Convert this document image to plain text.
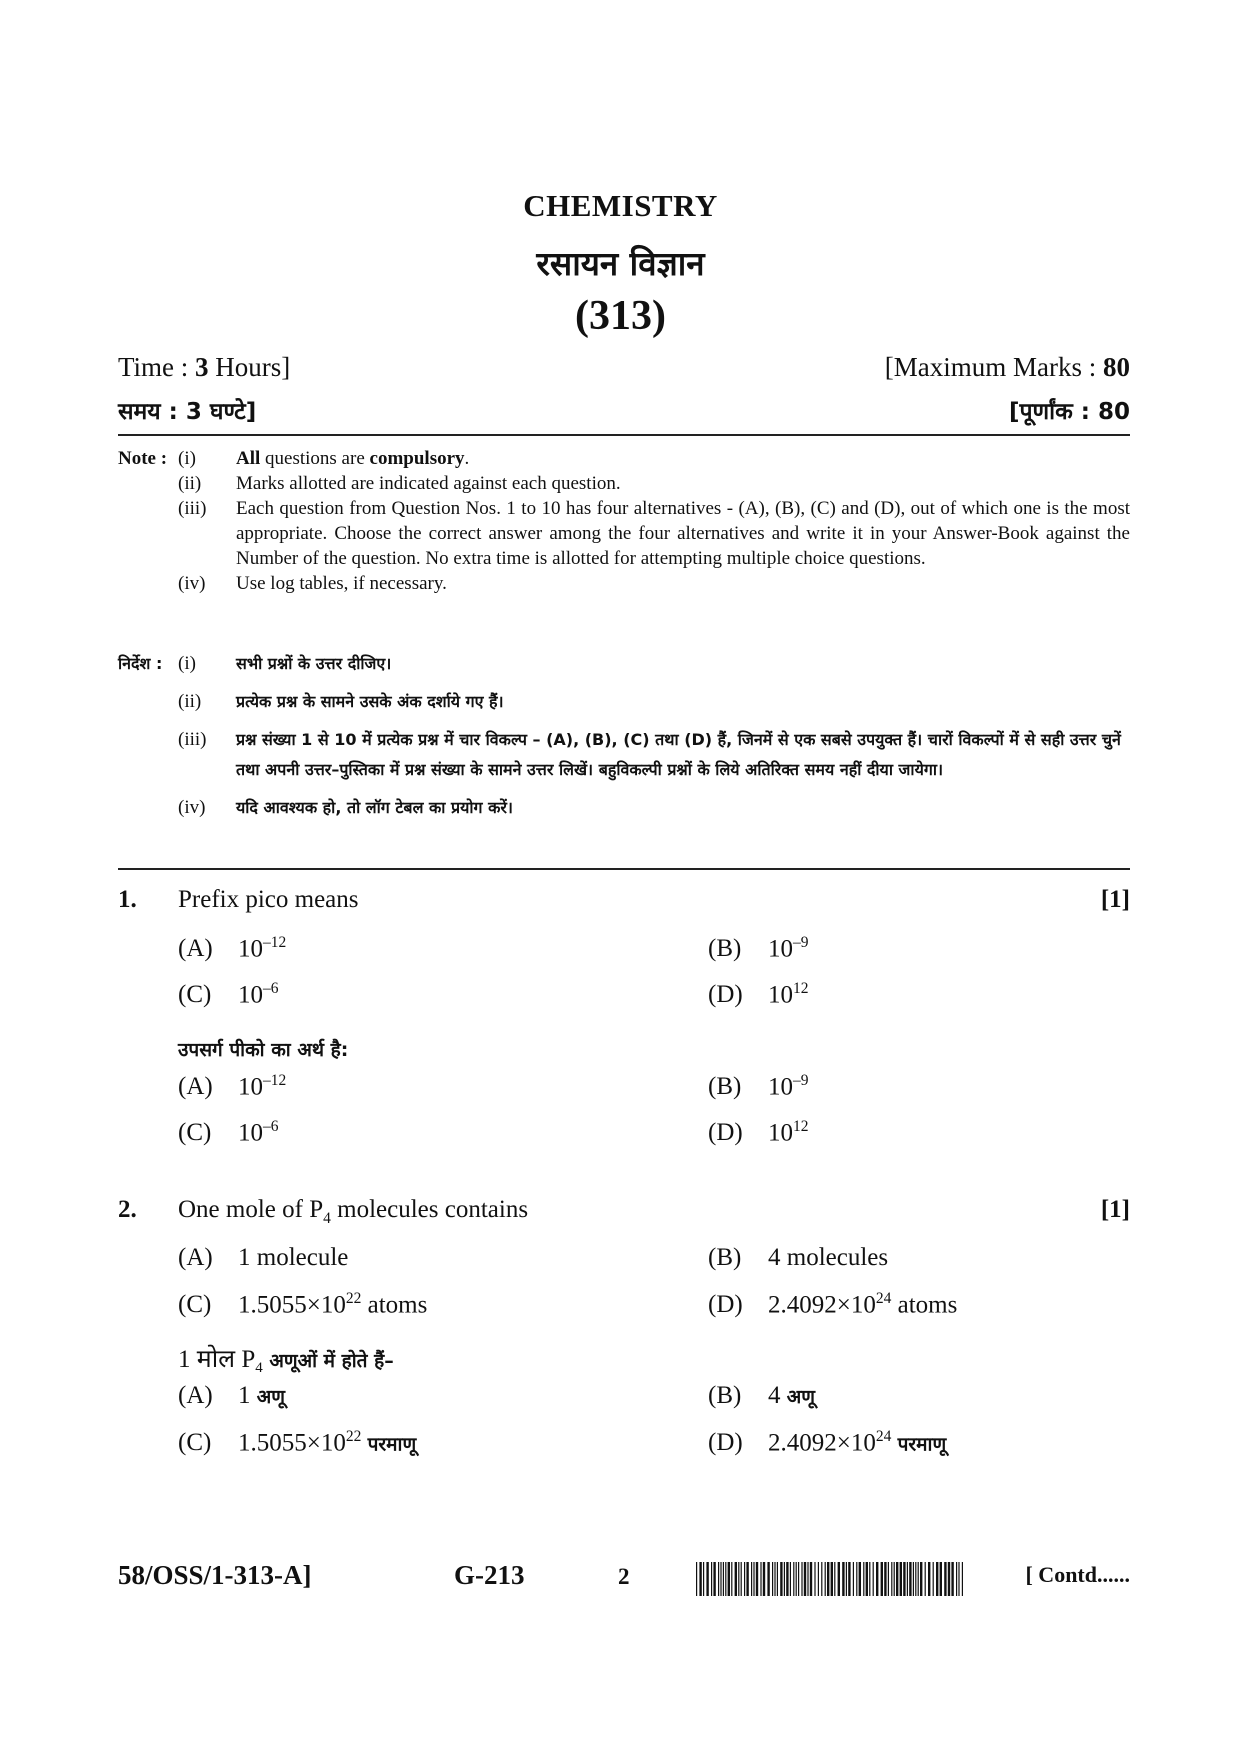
CHEMISTRY
रसायन विज्ञान
(313)
Time : 3 Hours]	[Maximum Marks : 80
समय : 3 घण्टे]	[पूर्णांक : 80
Note : (i)	All questions are compulsory.
(ii)	Marks allotted are indicated against each question.
(iii)	Each question from Question Nos. 1 to 10 has four alternatives - (A), (B), (C) and (D), out of which one is the most appropriate. Choose the correct answer among the four alternatives and write it in your Answer-Book against the Number of the question. No extra time is allotted for attempting multiple choice questions.
(iv)	Use log tables, if necessary.
निर्देश : (i)	सभी प्रश्नों के उत्तर दीजिए।
(ii)	प्रत्येक प्रश्न के सामने उसके अंक दर्शाये गए हैं।
(iii)	प्रश्न संख्या 1 से 10 में प्रत्येक प्रश्न में चार विकल्प – (A), (B), (C) तथा (D) हैं, जिनमें से एक सबसे उपयुक्त हैं। चारों विकल्पों में से सही उत्तर चुनें तथा अपनी उत्तर–पुस्तिका में प्रश्न संख्या के सामने उत्तर लिखें। बहुविकल्पी प्रश्नों के लिये अतिरिक्त समय नहीं दीया जायेगा।
(iv)	यदि आवश्यक हो, तो लॉग टेबल का प्रयोग करें।
1.	Prefix pico means	[1]
(A)	$10^{-12}$	(B)	$10^{-9}$
(C)	$10^{-6}$	(D)	$10^{12}$
उपसर्ग पीको का अर्थ है:
(A)	$10^{-12}$	(B)	$10^{-9}$
(C)	$10^{-6}$	(D)	$10^{12}$
2.	One mole of $P_4$ molecules contains	[1]
(A)	1 molecule	(B)	4 molecules
(C)	$1.5055\times 10^{22}$ atoms	(D)	$2.4092\times 10^{24}$ atoms
1 मोल $P_4$ अणूओं में होते हैं–
(A)	1 अणू	(B)	4 अणू
(C)	$1.5055\times 10^{22}$ परमाणू	(D)	$2.4092\times 10^{24}$ परमाणू
58/OSS/1-313-A]	G-213	2	[ Contd......
